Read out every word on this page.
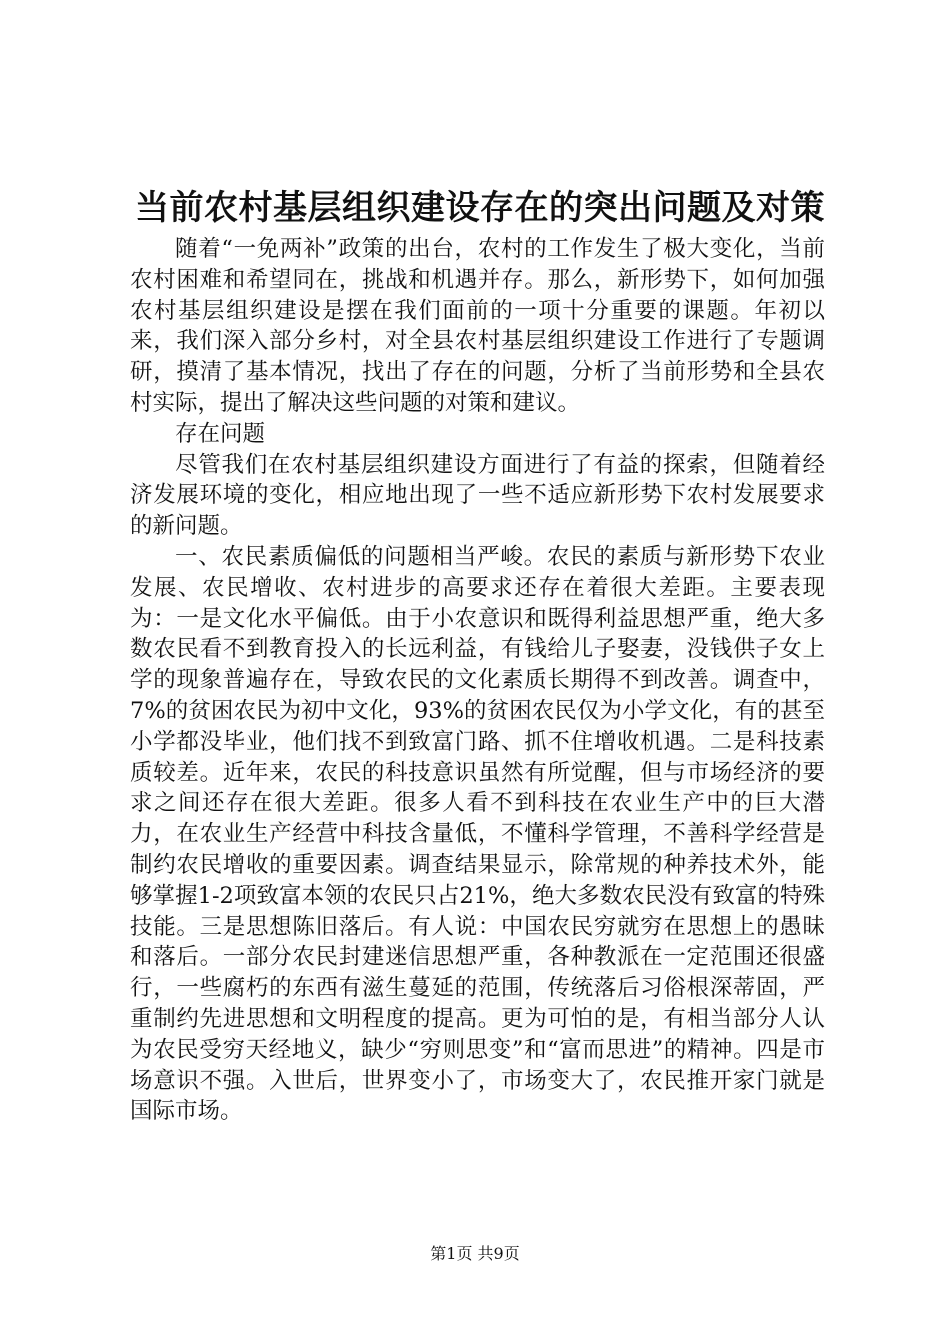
当前农村基层组织建设存在的突出问题及对策

随着“一免两补”政策的出台，农村的工作发生了极大变化，当前农村困难和希望同在，挑战和机遇并存。那么，新形势下，如何加强农村基层组织建设是摆在我们面前的一项十分重要的课题。年初以来，我们深入部分乡村，对全县农村基层组织建设工作进行了专题调研，摸清了基本情况，找出了存在的问题，分析了当前形势和全县农村实际，提出了解决这些问题的对策和建议。

存在问题

尽管我们在农村基层组织建设方面进行了有益的探索，但随着经济发展环境的变化，相应地出现了一些不适应新形势下农村发展要求的新问题。

一、农民素质偏低的问题相当严峻。农民的素质与新形势下农业发展、农民增收、农村进步的高要求还存在着很大差距。主要表现为：一是文化水平偏低。由于小农意识和既得利益思想严重，绝大多数农民看不到教育投入的长远利益，有钱给儿子娶妻，没钱供子女上学的现象普遍存在，导致农民的文化素质长期得不到改善。调查中，7%的贫困农民为初中文化，93%的贫困农民仅为小学文化，有的甚至小学都没毕业，他们找不到致富门路、抓不住增收机遇。二是科技素质较差。近年来，农民的科技意识虽然有所觉醒，但与市场经济的要求之间还存在很大差距。很多人看不到科技在农业生产中的巨大潜力，在农业生产经营中科技含量低，不懂科学管理，不善科学经营是制约农民增收的重要因素。调查结果显示，除常规的种养技术外，能够掌握1-2项致富本领的农民只占21%，绝大多数农民没有致富的特殊技能。三是思想陈旧落后。有人说：中国农民穷就穷在思想上的愚昧和落后。一部分农民封建迷信思想严重，各种教派在一定范围还很盛行，一些腐朽的东西有滋生蔓延的范围，传统落后习俗根深蒂固，严重制约先进思想和文明程度的提高。更为可怕的是，有相当部分人认为农民受穷天经地义，缺少“穷则思变”和“富而思进”的精神。四是市场意识不强。入世后，世界变小了，市场变大了，农民推开家门就是国际市场。

第1页 共9页
